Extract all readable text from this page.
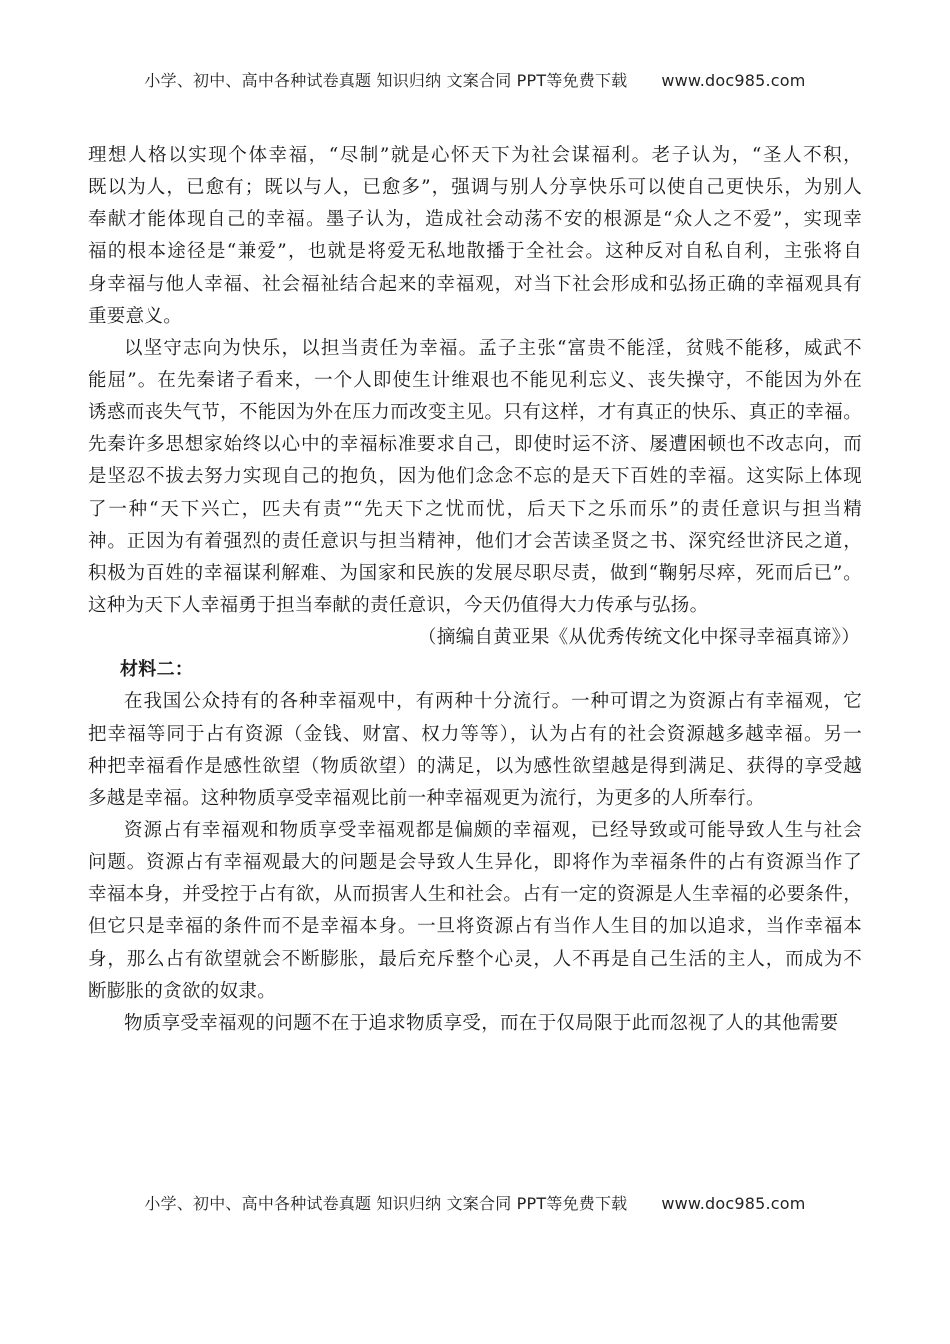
小学、初中、高中各种试卷真题 知识归纳 文案合同 PPT等免费下载 www.doc985.com
理想人格以实现个体幸福，“尽制”就是心怀天下为社会谋福利。老子认为，“圣人不积，
既以为人，已愈有；既以与人，已愈多”，强调与别人分享快乐可以使自己更快乐，为别人
奉献才能体现自己的幸福。墨子认为，造成社会动荡不安的根源是“众人之不爱”，实现幸
福的根本途径是“兼爱”，也就是将爱无私地散播于全社会。这种反对自私自利，主张将自
身幸福与他人幸福、社会福祉结合起来的幸福观，对当下社会形成和弘扬正确的幸福观具有
重要意义。
以坚守志向为快乐，以担当责任为幸福。孟子主张“富贵不能淫，贫贱不能移，威武不
能屈”。在先秦诸子看来，一个人即使生计维艰也不能见利忘义、丧失操守，不能因为外在
诱惑而丧失气节，不能因为外在压力而改变主见。只有这样，才有真正的快乐、真正的幸福。
先秦许多思想家始终以心中的幸福标准要求自己，即使时运不济、屡遭困顿也不改志向，而
是坚忍不拔去努力实现自己的抱负，因为他们念念不忘的是天下百姓的幸福。这实际上体现
了一种“天下兴亡，匹夫有责”“先天下之忧而忧，后天下之乐而乐”的责任意识与担当精
神。正因为有着强烈的责任意识与担当精神，他们才会苦读圣贤之书、深究经世济民之道，
积极为百姓的幸福谋利解难、为国家和民族的发展尽职尽责，做到“鞠躬尽瘁，死而后已”。
这种为天下人幸福勇于担当奉献的责任意识，今天仍值得大力传承与弘扬。
（摘编自黄亚果《从优秀传统文化中探寻幸福真谛》）
材料二：
在我国公众持有的各种幸福观中，有两种十分流行。一种可谓之为资源占有幸福观，它
把幸福等同于占有资源（金钱、财富、权力等等），认为占有的社会资源越多越幸福。另一
种把幸福看作是感性欲望（物质欲望）的满足，以为感性欲望越是得到满足、获得的享受越
多越是幸福。这种物质享受幸福观比前一种幸福观更为流行，为更多的人所奉行。
资源占有幸福观和物质享受幸福观都是偏颇的幸福观，已经导致或可能导致人生与社会
问题。资源占有幸福观最大的问题是会导致人生异化，即将作为幸福条件的占有资源当作了
幸福本身，并受控于占有欲，从而损害人生和社会。占有一定的资源是人生幸福的必要条件，
但它只是幸福的条件而不是幸福本身。一旦将资源占有当作人生目的加以追求，当作幸福本
身，那么占有欲望就会不断膨胀，最后充斥整个心灵，人不再是自己生活的主人，而成为不
断膨胀的贪欲的奴隶。
物质享受幸福观的问题不在于追求物质享受，而在于仅局限于此而忽视了人的其他需要
小学、初中、高中各种试卷真题 知识归纳 文案合同 PPT等免费下载 www.doc985.com
